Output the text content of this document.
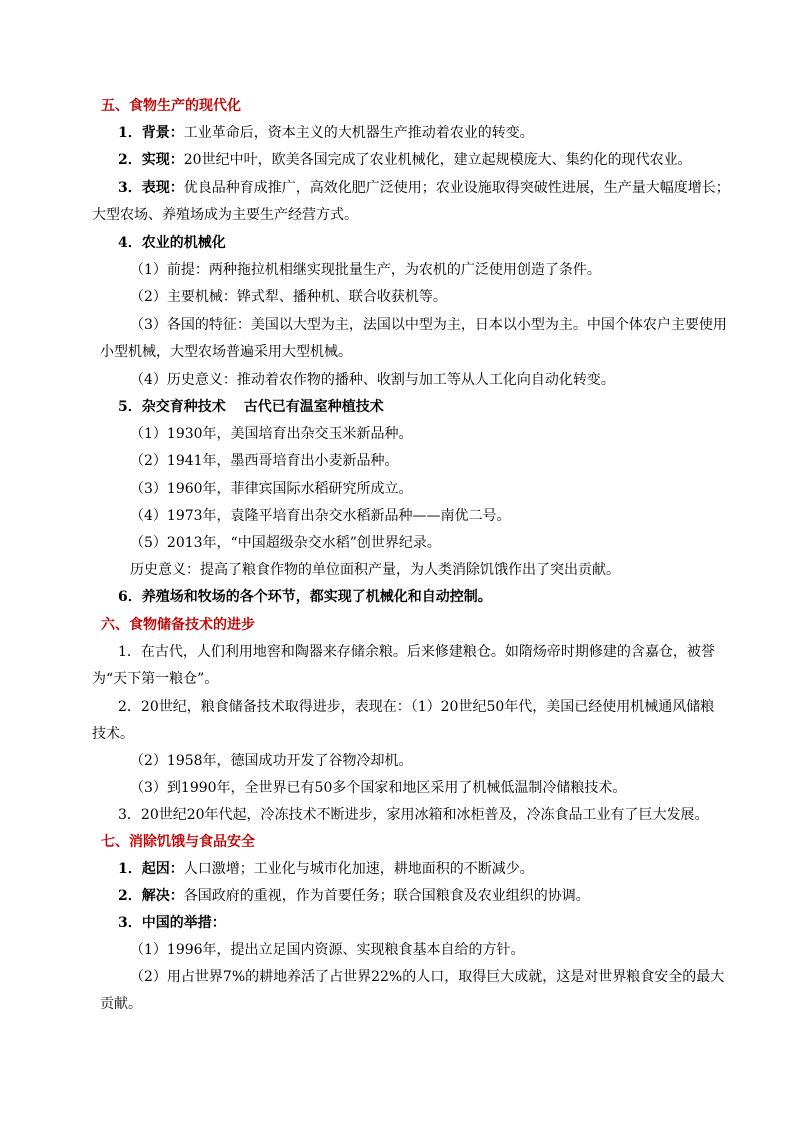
五、食物生产的现代化
1．背景：工业革命后，资本主义的大机器生产推动着农业的转变。
2．实现：20世纪中叶，欧美各国完成了农业机械化，建立起规模庞大、集约化的现代农业。
3．表现：优良品种育成推广，高效化肥广泛使用；农业设施取得突破性进展，生产量大幅度增长；
大型农场、养殖场成为主要生产经营方式。
4．农业的机械化
（1）前提：两种拖拉机相继实现批量生产，为农机的广泛使用创造了条件。
（2）主要机械：铧式犁、播种机、联合收获机等。
（3）各国的特征：美国以大型为主，法国以中型为主，日本以小型为主。中国个体农户主要使用
小型机械，大型农场普遍采用大型机械。
（4）历史意义：推动着农作物的播种、收割与加工等从人工化向自动化转变。
5．杂交育种技术 古代已有温室种植技术
（1）1930年，美国培育出杂交玉米新品种。
（2）1941年，墨西哥培育出小麦新品种。
（3）1960年，菲律宾国际水稻研究所成立。
（4）1973年，袁隆平培育出杂交水稻新品种——南优二号。
（5）2013年，“中国超级杂交水稻”创世界纪录。
历史意义：提高了粮食作物的单位面积产量，为人类消除饥饿作出了突出贡献。
6．养殖场和牧场的各个环节，都实现了机械化和自动控制。
六、食物储备技术的进步
1．在古代，人们利用地窖和陶器来存储余粮。后来修建粮仓。如隋炀帝时期修建的含嘉仓，被誉
为“天下第一粮仓”。
2．20世纪，粮食储备技术取得进步，表现在：（1）20世纪50年代，美国已经使用机械通风储粮
技术。
（2）1958年，德国成功开发了谷物冷却机。
（3）到1990年，全世界已有50多个国家和地区采用了机械低温制冷储粮技术。
3．20世纪20年代起，冷冻技术不断进步，家用冰箱和冰柜普及，冷冻食品工业有了巨大发展。
七、消除饥饿与食品安全
1．起因：人口激增；工业化与城市化加速，耕地面积的不断减少。
2．解决：各国政府的重视，作为首要任务；联合国粮食及农业组织的协调。
3．中国的举措：
（1）1996年，提出立足国内资源、实现粮食基本自给的方针。
（2）用占世界7%的耕地养活了占世界22%的人口，取得巨大成就，这是对世界粮食安全的最大
贡献。
